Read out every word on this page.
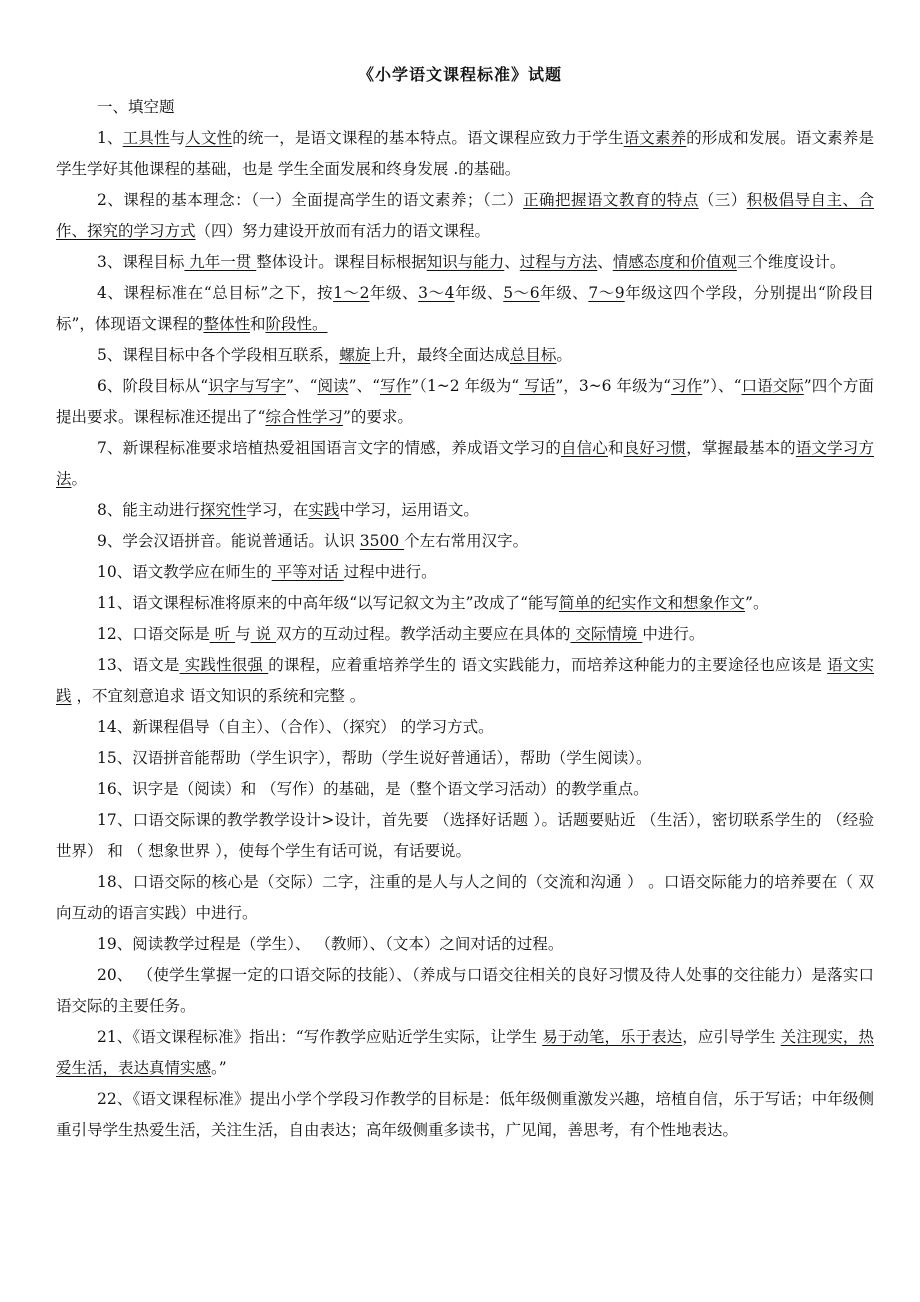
《小学语文课程标准》试题
一、填空题

1、工具性与人文性的统一，是语文课程的基本特点。语文课程应致力于学生语文素养的形成和发展。语文素养是学生学好其他课程的基础，也是 学生全面发展和终身发展 .的基础。

2、课程的基本理念：（一）全面提高学生的语文素养；（二）正确把握语文教育的特点（三）积极倡导自主、合作、探究的学习方式（四）努力建设开放而有活力的语文课程。

3、课程目标 九年一贯 整体设计。课程目标根据知识与能力、过程与方法、情感态度和价值观三个维度设计。

4、课程标准在“总目标”之下，按1～2年级、3～4年级、5～6年级、7～9年级这四个学段，分别提出“阶段目标”，体现语文课程的整体性和阶段性。

5、课程目标中各个学段相互联系，螺旋上升，最终全面达成总目标。

6、阶段目标从“识字与写字”、“阅读”、“写作”（1~2 年级为“ 写话”，3~6 年级为“习作”）、“口语交际”四个方面提出要求。课程标准还提出了“综合性学习”的要求。

7、新课程标准要求培植热爱祖国语言文字的情感，养成语文学习的自信心和良好习惯，掌握最基本的语文学习方法。

8、能主动进行探究性学习，在实践中学习，运用语文。

9、学会汉语拼音。能说普通话。认识 3500 个左右常用汉字。

10、语文教学应在师生的 平等对话 过程中进行。

11、语文课程标准将原来的中高年级“以写记叙文为主”改成了“能写简单的纪实作文和想象作文”。

12、口语交际是 听 与 说 双方的互动过程。教学活动主要应在具体的 交际情境 中进行。

13、语文是 实践性很强 的课程，应着重培养学生的 语文实践能力，而培养这种能力的主要途径也应该是 语文实践 ，不宜刻意追求 语文知识的系统和完整 。

14、新课程倡导（自主）、（合作）、（探究） 的学习方式。

15、汉语拼音能帮助（学生识字），帮助（学生说好普通话），帮助（学生阅读）。

16、识字是（阅读）和 （写作）的基础，是（整个语文学习活动）的教学重点。

17、口语交际课的教学教学设计>设计，首先要 （选择好话题 ）。话题要贴近 （生活），密切联系学生的 （经验世界） 和 （ 想象世界 ），使每个学生有话可说，有话要说。

18、口语交际的核心是（交际）二字，注重的是人与人之间的（交流和沟通 ） 。口语交际能力的培养要在（ 双向互动的语言实践）中进行。

19、阅读教学过程是（学生）、 （教师）、（文本）之间对话的过程。

20、 （使学生掌握一定的口语交际的技能）、（养成与口语交往相关的良好习惯及待人处事的交往能力）是落实口语交际的主要任务。

21、《语文课程标准》指出：“写作教学应贴近学生实际，让学生 易于动笔，乐于表达，应引导学生 关注现实，热爱生活，表达真情实感。”

22、《语文课程标准》提出小学个学段习作教学的目标是：低年级侧重激发兴趣，培植自信，乐于写话；中年级侧重引导学生热爱生活，关注生活，自由表达；高年级侧重多读书，广见闻，善思考，有个性地表达。
